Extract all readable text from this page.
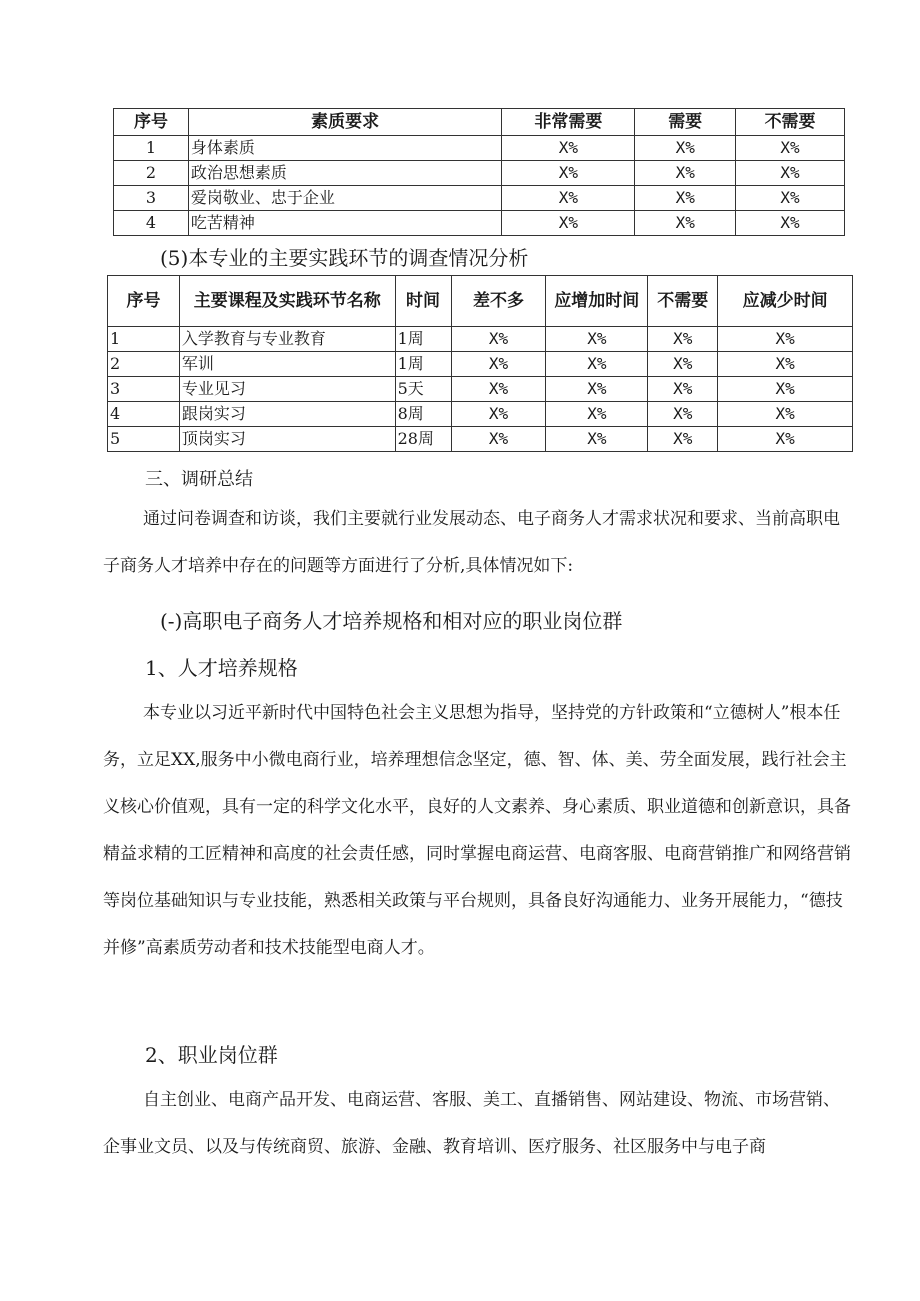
序号	素质要求	非常需要	需要	不需要
1	身体素质	X%	X%	X%
2	政治思想素质	X%	X%	X%
3	爱岗敬业、忠于企业	X%	X%	X%
4	吃苦精神	X%	X%	X%
(5)本专业的主要实践环节的调查情况分析
序号	主要课程及实践环节名称	时间	差不多	应增加时间	不需要	应减少时间
1	入学教育与专业教育	1周	X%	X%	X%	X%
2	军训	1周	X%	X%	X%	X%
3	专业见习	5天	X%	X%	X%	X%
4	跟岗实习	8周	X%	X%	X%	X%
5	顶岗实习	28周	X%	X%	X%	X%
三、调研总结

通过问卷调查和访谈，我们主要就行业发展动态、电子商务人才需求状况和要求、当前高职电子商务人才培养中存在的问题等方面进行了分析,具体情况如下:

(-)高职电子商务人才培养规格和相对应的职业岗位群
1、人才培养规格

本专业以习近平新时代中国特色社会主义思想为指导，坚持党的方针政策和“立德树人”根本任务，立足XX,服务中小微电商行业，培养理想信念坚定，德、智、体、美、劳全面发展，践行社会主义核心价值观，具有一定的科学文化水平，良好的人文素养、身心素质、职业道德和创新意识，具备精益求精的工匠精神和高度的社会责任感，同时掌握电商运营、电商客服、电商营销推广和网络营销等岗位基础知识与专业技能，熟悉相关政策与平台规则，具备良好沟通能力、业务开展能力，“德技并修”高素质劳动者和技术技能型电商人才。

2、职业岗位群

自主创业、电商产品开发、电商运营、客服、美工、直播销售、网站建设、物流、市场营销、企事业文员、以及与传统商贸、旅游、金融、教育培训、医疗服务、社区服务中与电子商
